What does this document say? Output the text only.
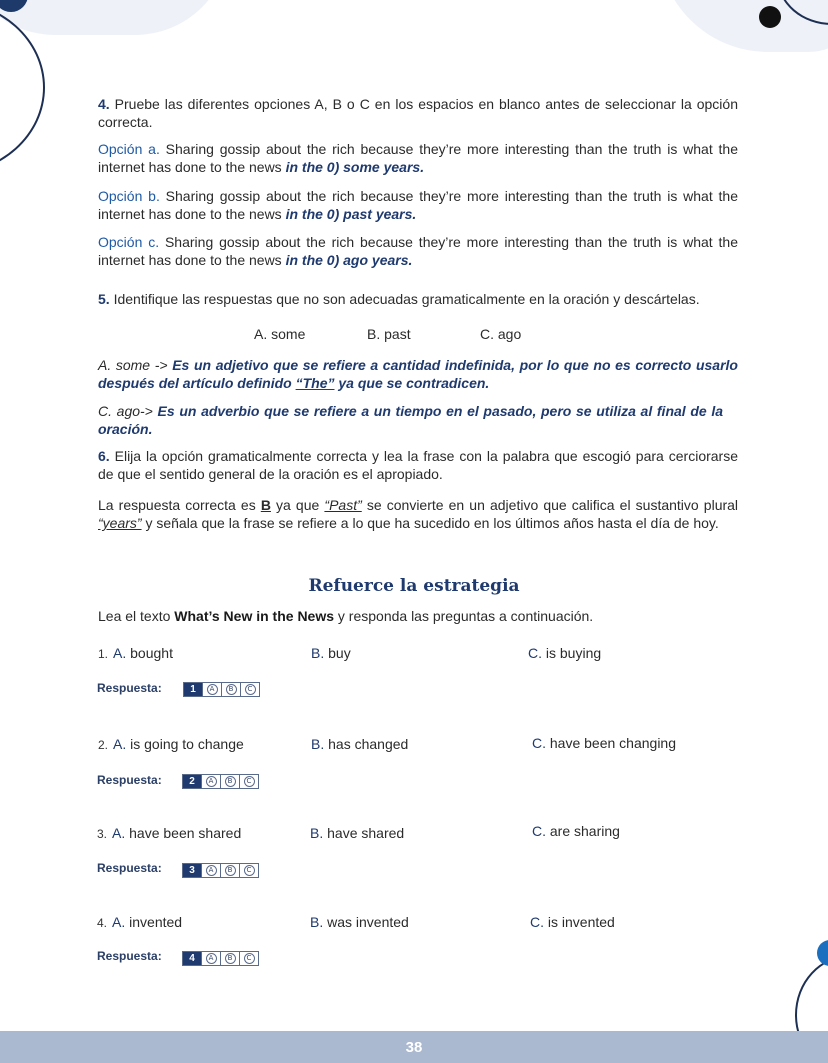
4. Pruebe las diferentes opciones A, B o C en los espacios en blanco antes de seleccionar la opción correcta.
Opción a. Sharing gossip about the rich because they’re more interesting than the truth is what the internet has done to the news in the 0) some years.
Opción b. Sharing gossip about the rich because they’re more interesting than the truth is what the internet has done to the news in the 0) past years.
Opción c. Sharing gossip about the rich because they’re more interesting than the truth is what the internet has done to the news in the 0) ago years.
5. Identifique las respuestas que no son adecuadas gramaticalmente en la oración y descártelas.
A. some	B. past	C. ago
A. some -> Es un adjetivo que se refiere a cantidad indefinida, por lo que no es correcto usarlo después del artículo definido “The” ya que se contradicen.
C. ago-> Es un adverbio que se refiere a un tiempo en el pasado, pero se utiliza al final de la oración.
6. Elija la opción gramaticalmente correcta y lea la frase con la palabra que escogió para cerciorarse de que el sentido general de la oración es el apropiado.
La respuesta correcta es B ya que “Past” se convierte en un adjetivo que califica el sustantivo plural “years” y señala que la frase se refiere a lo que ha sucedido en los últimos años hasta el día de hoy.
Refuerce la estrategia
Lea el texto What’s New in the News y responda las preguntas a continuación.
1. A. bought	B. buy	C. is buying
Respuesta:	1	A	B	C
2. A. is going to change	B. has changed	C. have been changing
Respuesta:	2	A	B	C
3. A. have been shared	B. have shared	C. are sharing
Respuesta:	3	A	B	C
4. A. invented	B. was invented	C. is invented
Respuesta:	4	A	B	C
38
